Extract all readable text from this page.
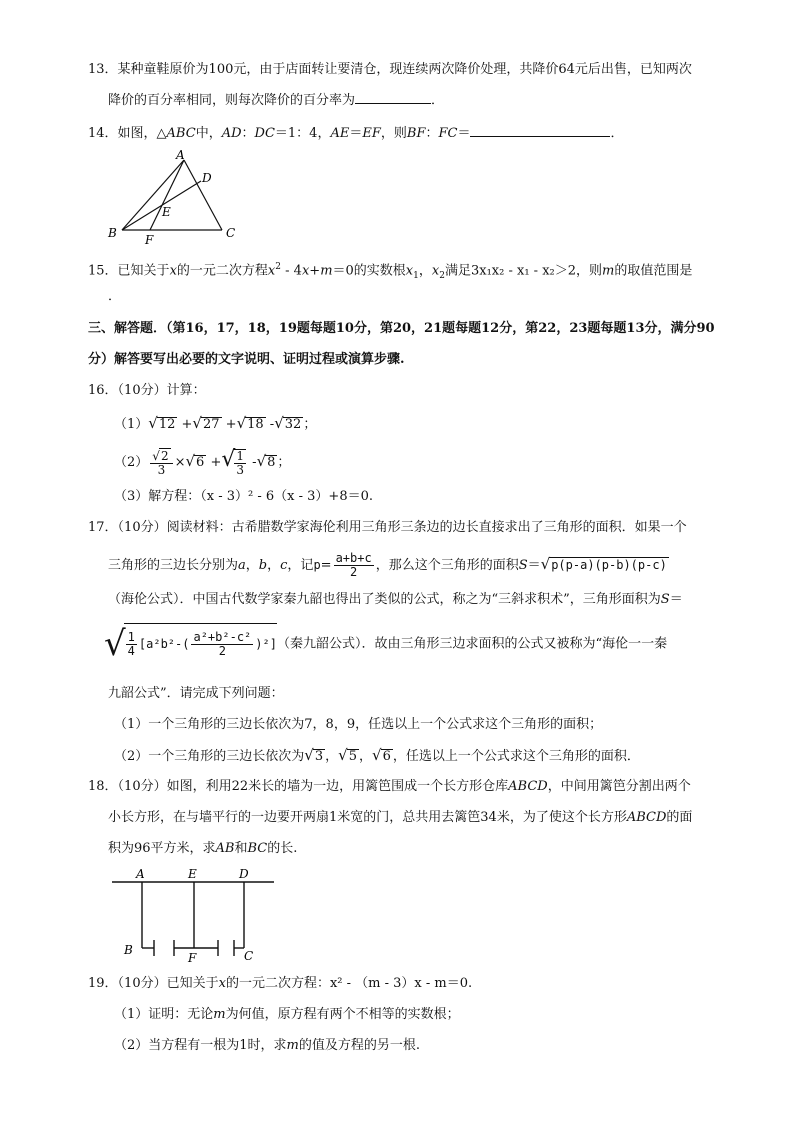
13．某种童鞋原价为100元，由于店面转让要清仓，现连续两次降价处理，共降价64元后出售，已知两次
降价的百分率相同，则每次降价的百分率为	．
14．如图，△ABC中，AD：DC＝1：4，AE＝EF，则BF：FC＝	．
A
D
E
B F	C
15．已知关于x的一元二次方程$x^2 - 4x+m=0$的实数根$x_1$，$x_2$满足3x₁x₂ - x₁ - x₂＞2，则m的取值范围是
．
三、解答题．（第16，17，18，19题每题10分，第20，21题每题12分，第22，23题每题13分，满分90
分）解答要写出必要的文字说明、证明过程或演算步骤.
16．（10分）计算：
（1）√12 +√27 +√18 -√32 ；
$(2) \frac{√2}{3} \times√6$ +√ $\frac{1}{3} -√8$ ；
（3）解方程：（x - 3）² - 6（x - 3）+8＝0.
17．（10分）阅读材料：古希腊数学家海伦利用三角形三条边的边长直接求出了三角形的面积．如果一个
三角形的三边长分别为a，b，c，记$p= \frac{a+b+c}{2}$ ，那么这个三角形的面积S＝√p(p-a)(p-b)(p-c)
（海伦公式）．中国古代数学家秦九韶也得出了类似的公式，称之为“三斜求积术”，三角形面积为S＝
√ $\frac{1}{4} [a^2b^2-( \frac{\text{a²+b²-c²}}{2} )^2]$（秦九韶公式）．故由三角形三边求面积的公式又被称为“海伦一一秦
九韶公式”．请完成下列问题：
（1）一个三角形的三边长依次为7，8，9，任选以上一个公式求这个三角形的面积；
（2）一个三角形的三边长依次为√3 ，√5 ，√6 ，任选以上一个公式求这个三角形的面积．
18．（10分）如图，利用22米长的墙为一边，用篱笆围成一个长方形仓库ABCD，中间用篱笆分割出两个
小长方形，在与墙平行的一边要开两扇1米宽的门，总共用去篱笆34米，为了使这个长方形ABCD的面
积为96平方米，求AB和BC的长.
A	E	D
B
F	C
19．（10分）已知关于x的一元二次方程：x² - （m - 3）x - m＝0.
（1）证明：无论m为何值，原方程有两个不相等的实数根；
（2）当方程有一根为1时，求m的值及方程的另一根.
